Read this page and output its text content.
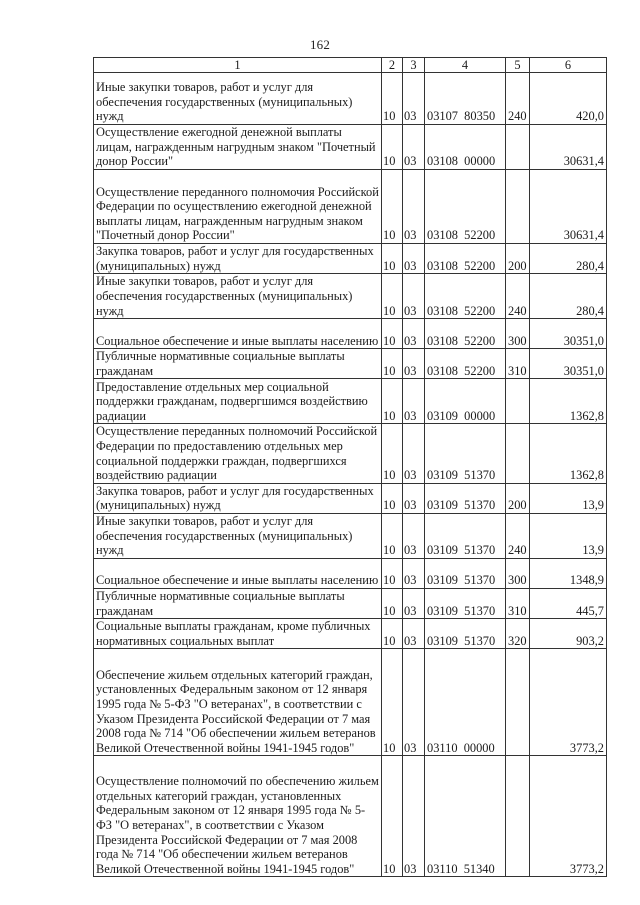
162
1	2	3	4	5	6
Иные закупки товаров, работ и услуг для обеспечения государственных (муниципальных) нужд	10	03	03107  80350	240	420,0
Осуществление ежегодной денежной выплаты лицам, награжденным нагрудным знаком "Почетный донор России"	10	03	03108  00000		30631,4
Осуществление переданного полномочия Российской Федерации по осуществлению ежегодной денежной выплаты лицам, награжденным нагрудным знаком "Почетный донор России"	10	03	03108  52200		30631,4
Закупка товаров, работ и услуг для государственных (муниципальных) нужд	10	03	03108  52200	200	280,4
Иные закупки товаров, работ и услуг для обеспечения государственных (муниципальных) нужд	10	03	03108  52200	240	280,4
Социальное обеспечение и иные выплаты населению	10	03	03108  52200	300	30351,0
Публичные нормативные социальные выплаты гражданам	10	03	03108  52200	310	30351,0
Предоставление отдельных мер социальной поддержки гражданам, подвергшимся воздействию радиации	10	03	03109  00000		1362,8
Осуществление переданных полномочий Российской Федерации по предоставлению отдельных мер социальной поддержки граждан, подвергшихся воздействию радиации	10	03	03109  51370		1362,8
Закупка товаров, работ и услуг для государственных (муниципальных) нужд	10	03	03109  51370	200	13,9
Иные закупки товаров, работ и услуг для обеспечения государственных (муниципальных) нужд	10	03	03109  51370	240	13,9
Социальное обеспечение и иные выплаты населению	10	03	03109  51370	300	1348,9
Публичные нормативные социальные выплаты гражданам	10	03	03109  51370	310	445,7
Социальные выплаты гражданам, кроме публичных нормативных социальных выплат	10	03	03109  51370	320	903,2
Обеспечение жильем отдельных категорий граждан, установленных Федеральным законом от 12 января 1995 года № 5-ФЗ "О ветеранах", в соответствии с Указом Президента Российской Федерации от 7 мая 2008 года № 714 "Об обеспечении жильем ветеранов Великой Отечественной войны 1941-1945 годов"	10	03	03110  00000		3773,2
Осуществление полномочий по обеспечению жильем отдельных категорий граждан, установленных Федеральным законом от 12 января 1995 года № 5-ФЗ "О ветеранах", в соответствии с Указом Президента Российской Федерации от 7 мая 2008 года № 714 "Об обеспечении жильем ветеранов Великой Отечественной войны 1941-1945 годов"	10	03	03110  51340		3773,2
